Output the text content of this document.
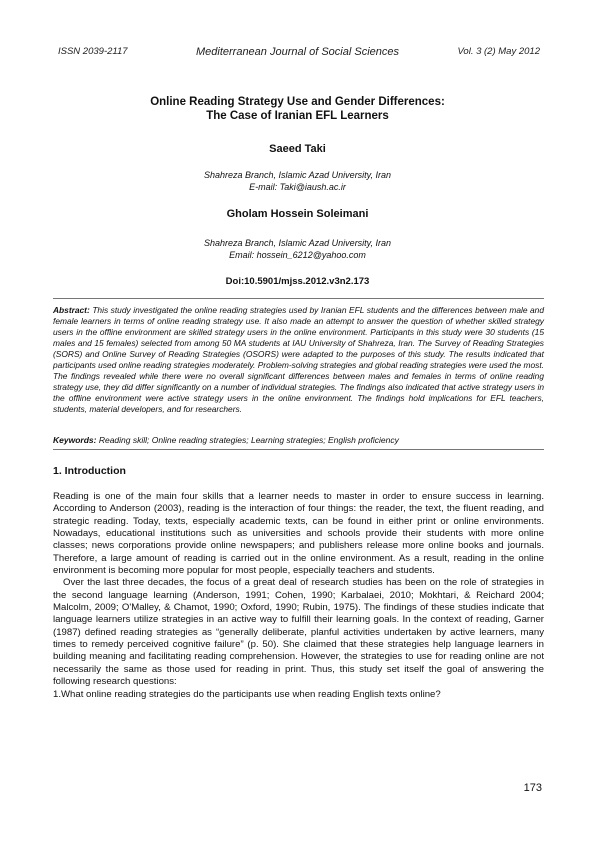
ISSN 2039-2117	Mediterranean Journal of Social Sciences	Vol. 3 (2) May 2012
Online Reading Strategy Use and Gender Differences:
The Case of Iranian EFL Learners
Saeed Taki
Shahreza Branch, Islamic Azad University, Iran
E-mail: Taki@iaush.ac.ir
Gholam Hossein Soleimani
Shahreza Branch, Islamic Azad University, Iran
Email: hossein_6212@yahoo.com
Doi:10.5901/mjss.2012.v3n2.173

Abstract: This study investigated the online reading strategies used by Iranian EFL students and the differences between male and female learners in terms of online reading strategy use. It also made an attempt to answer the question of whether skilled strategy users in the offline environment are skilled strategy users in the online environment. Participants in this study were 30 students (15 males and 15 females) selected from among 50 MA students at IAU University of Shahreza, Iran. The Survey of Reading Strategies (SORS) and Online Survey of Reading Strategies (OSORS) were adapted to the purposes of this study. The results indicated that participants used online reading strategies moderately. Problem-solving strategies and global reading strategies were used the most. The findings revealed while there were no overall significant differences between males and females in terms of online reading strategy use, they did differ significantly on a number of individual strategies. The findings also indicated that active strategy users in the offline environment were active strategy users in the online environment. The findings hold implications for EFL teachers, students, material developers, and for researchers.

Keywords: Reading skill; Online reading strategies; Learning strategies; English proficiency
1. Introduction

Reading is one of the main four skills that a learner needs to master in order to ensure success in learning. According to Anderson (2003), reading is the interaction of four things: the reader, the text, the fluent reading, and strategic reading. Today, texts, especially academic texts, can be found in either print or online environments. Nowadays, educational institutions such as universities and schools provide their students with more online classes; news corporations provide online newspapers; and publishers release more online books and journals. Therefore, a large amount of reading is carried out in the online environment. As a result, reading in the online environment is becoming more popular for most people, especially teachers and students.

Over the last three decades, the focus of a great deal of research studies has been on the role of strategies in the second language learning (Anderson, 1991; Cohen, 1990; Karbalaei, 2010; Mokhtari, & Reichard 2004; Malcolm, 2009; O'Malley, & Chamot, 1990; Oxford, 1990; Rubin, 1975). The findings of these studies indicate that language learners utilize strategies in an active way to fulfill their learning goals. In the context of reading, Garner (1987) defined reading strategies as “generally deliberate, planful activities undertaken by active learners, many times to remedy perceived cognitive failure” (p. 50). She claimed that these strategies help language learners in building meaning and facilitating reading comprehension. However, the strategies to use for reading online are not necessarily the same as those used for reading in print. Thus, this study set itself the goal of answering the following research questions:

1.What online reading strategies do the participants use when reading English texts online?

173
